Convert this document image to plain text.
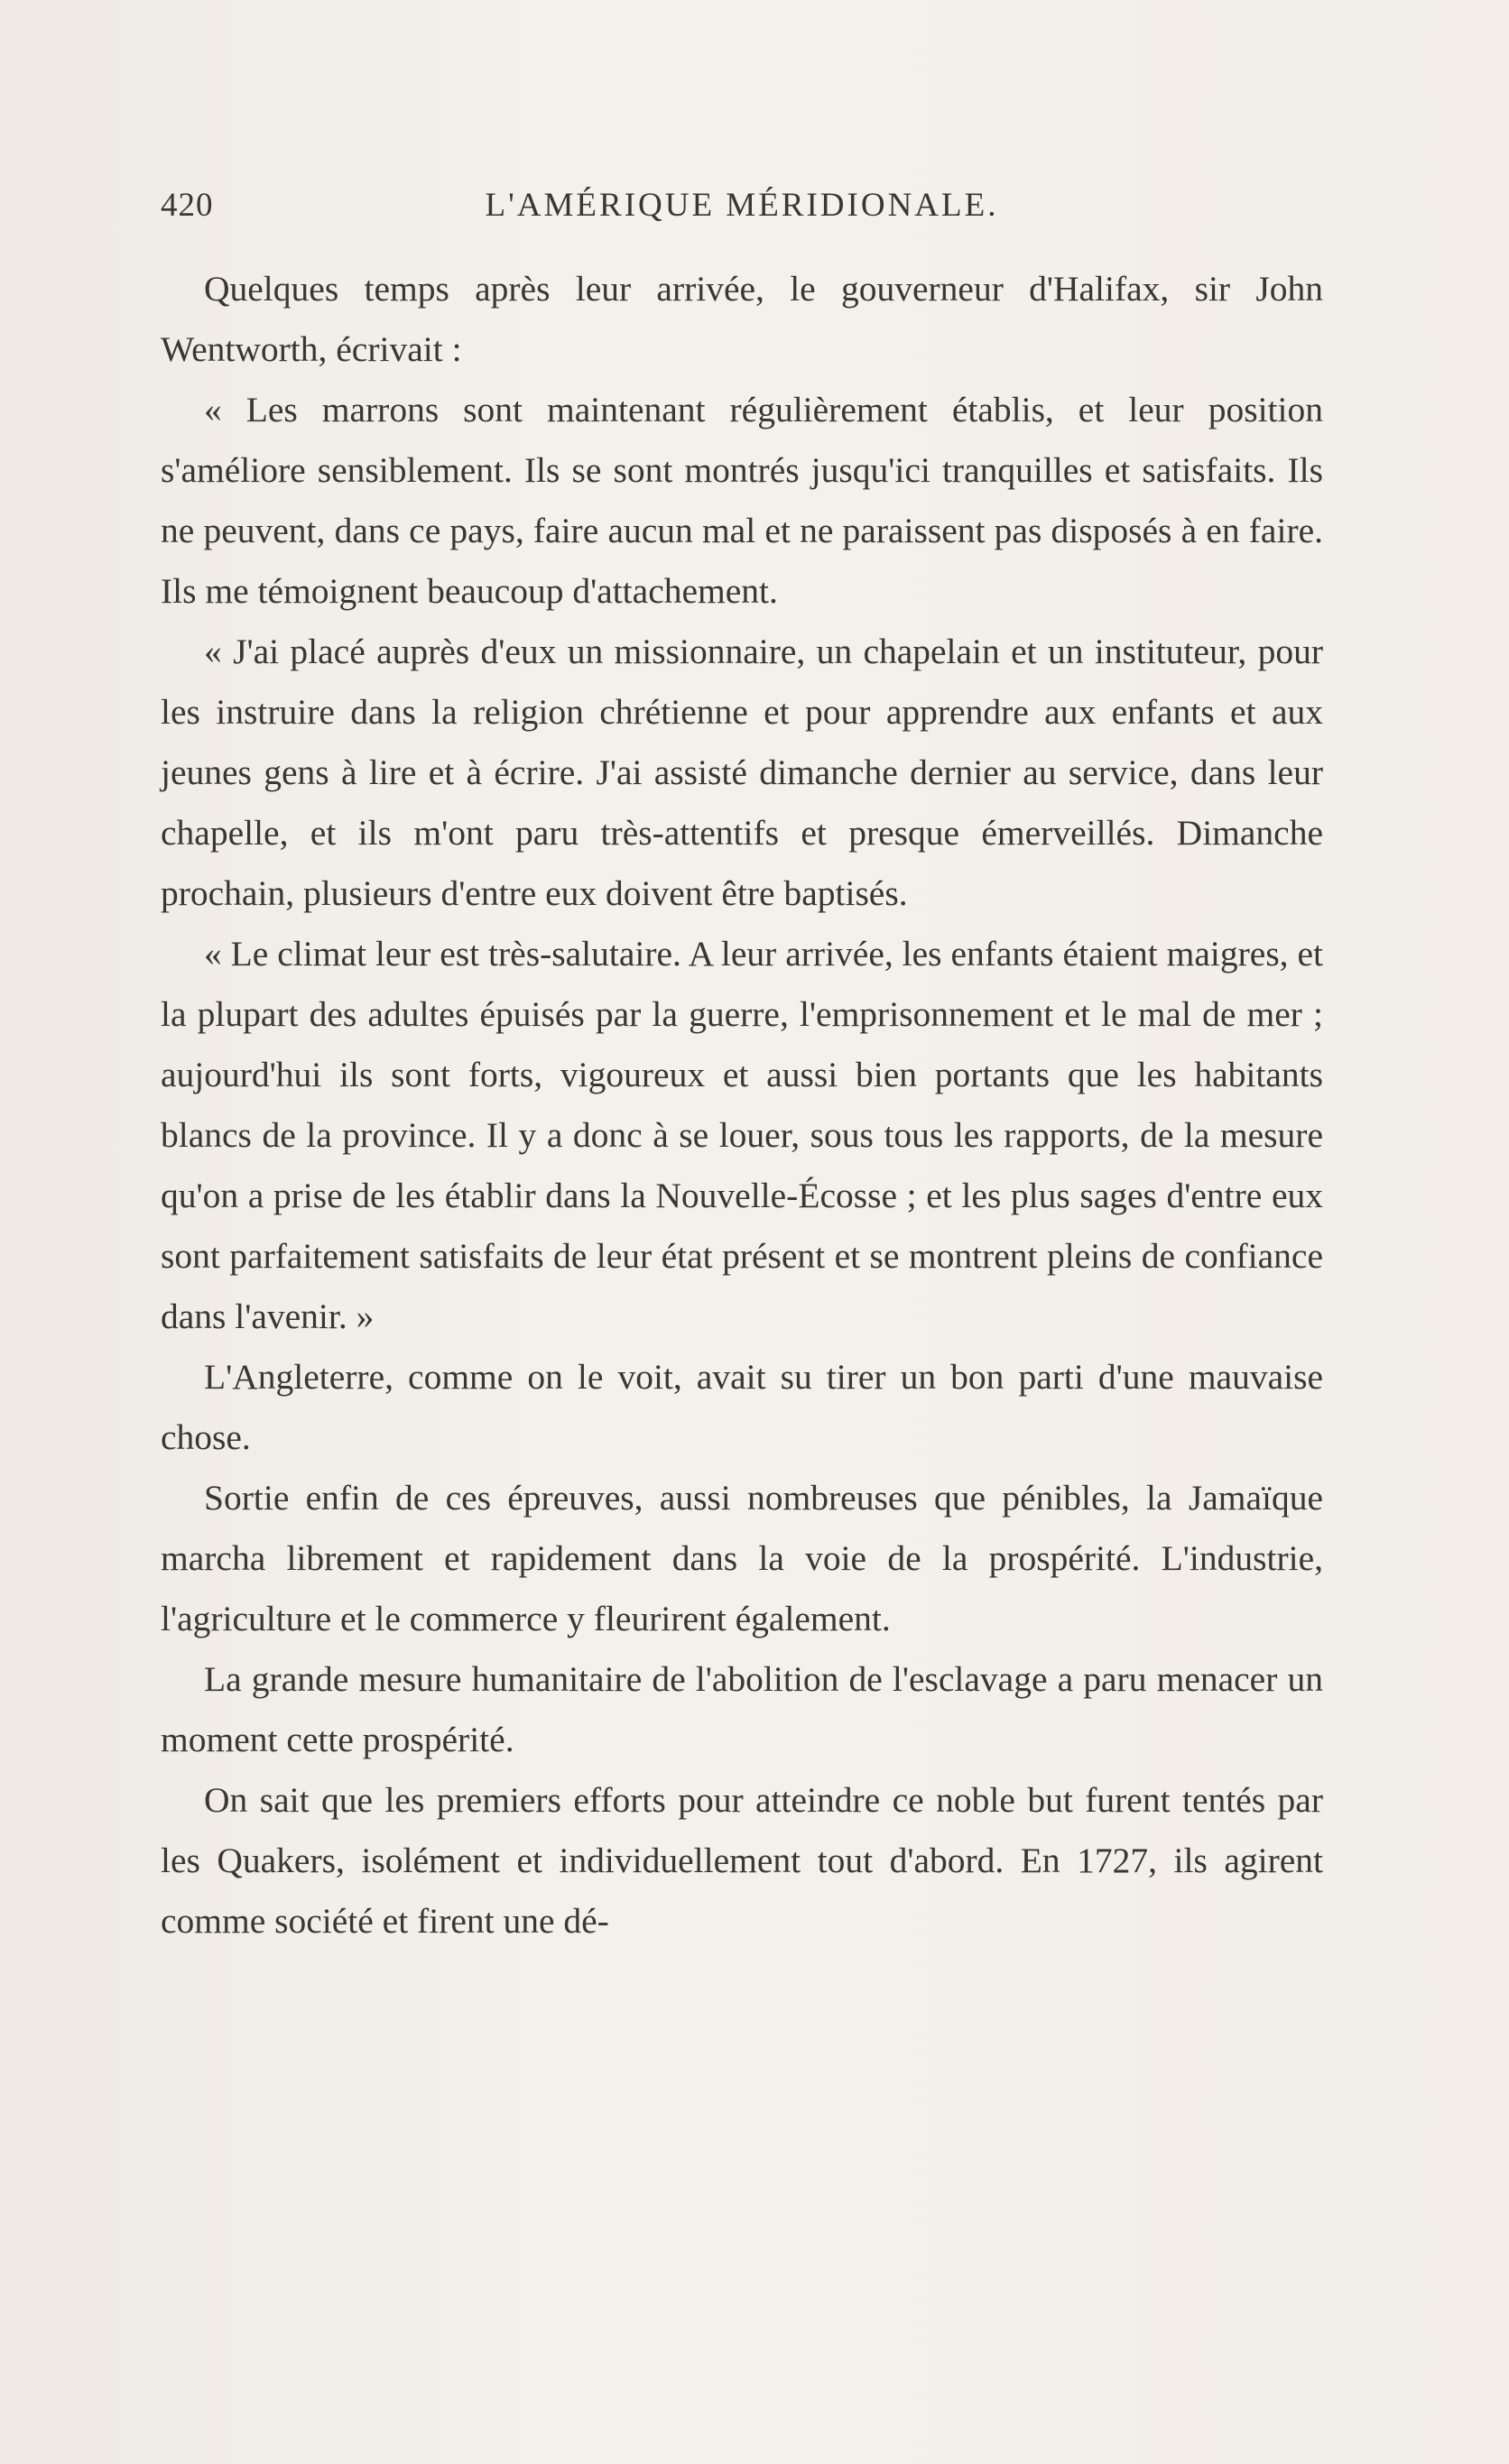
420	L'AMÉRIQUE MÉRIDIONALE.

Quelques temps après leur arrivée, le gouverneur d'Halifax, sir John Wentworth, écrivait :

« Les marrons sont maintenant régulièrement établis, et leur position s'améliore sensiblement. Ils se sont montrés jusqu'ici tranquilles et satisfaits. Ils ne peuvent, dans ce pays, faire aucun mal et ne paraissent pas disposés à en faire. Ils me témoignent beaucoup d'attachement.

« J'ai placé auprès d'eux un missionnaire, un chapelain et un instituteur, pour les instruire dans la religion chrétienne et pour apprendre aux enfants et aux jeunes gens à lire et à écrire. J'ai assisté dimanche dernier au service, dans leur chapelle, et ils m'ont paru très-attentifs et presque émerveillés. Dimanche prochain, plusieurs d'entre eux doivent être baptisés.

« Le climat leur est très-salutaire. A leur arrivée, les enfants étaient maigres, et la plupart des adultes épuisés par la guerre, l'emprisonnement et le mal de mer ; aujourd'hui ils sont forts, vigoureux et aussi bien portants que les habitants blancs de la province. Il y a donc à se louer, sous tous les rapports, de la mesure qu'on a prise de les établir dans la Nouvelle-Écosse ; et les plus sages d'entre eux sont parfaitement satisfaits de leur état présent et se montrent pleins de confiance dans l'avenir. »

L'Angleterre, comme on le voit, avait su tirer un bon parti d'une mauvaise chose.

Sortie enfin de ces épreuves, aussi nombreuses que pénibles, la Jamaïque marcha librement et rapidement dans la voie de la prospérité. L'industrie, l'agriculture et le commerce y fleurirent également.

La grande mesure humanitaire de l'abolition de l'esclavage a paru menacer un moment cette prospérité.

On sait que les premiers efforts pour atteindre ce noble but furent tentés par les Quakers, isolément et individuellement tout d'abord. En 1727, ils agirent comme société et firent une dé-
